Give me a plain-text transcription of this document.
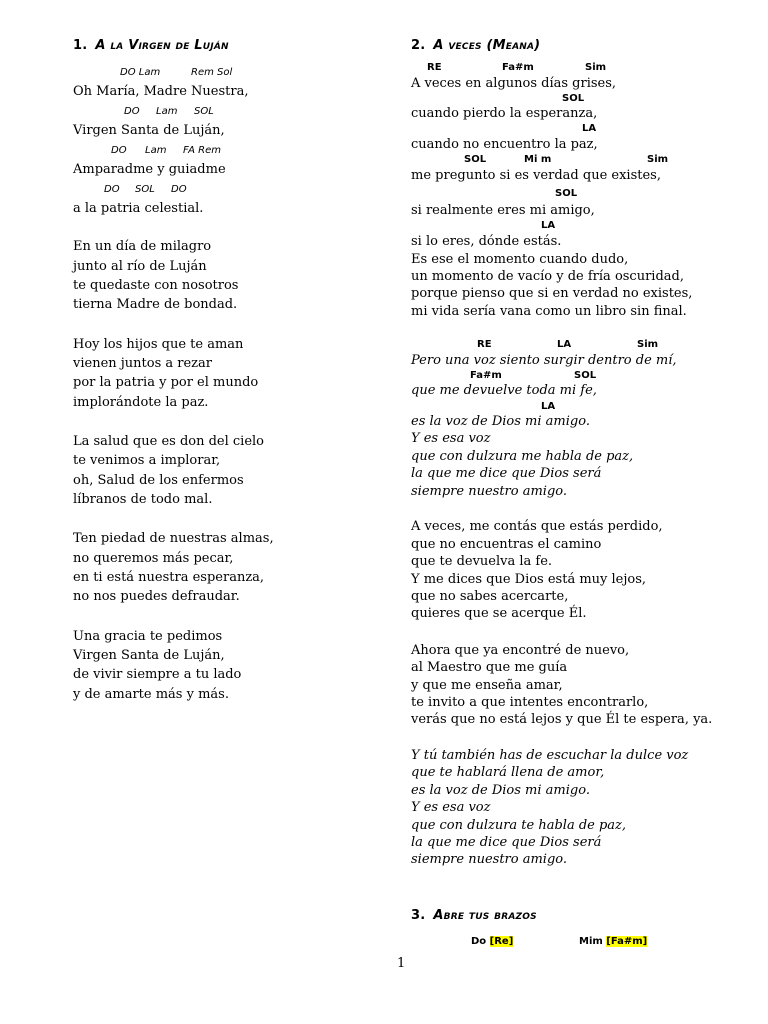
1. A la Virgen de Luján
DO Lam	Rem Sol
DO Lam SOL
DO Lam FA Rem
DO SOL DO
Oh María, Madre Nuestra,
Virgen Santa de Luján,
Amparadme y guiadme
a la patria celestial.
En un día de milagro
junto al río de Luján
te quedaste con nosotros
tierna Madre de bondad.
Hoy los hijos que te aman
vienen juntos a rezar
por la patria y por el mundo
implorándote la paz.
La salud que es don del cielo
te venimos a implorar,
oh, Salud de los enfermos
líbranos de todo mal.
Ten piedad de nuestras almas,
no queremos más pecar,
en ti está nuestra esperanza,
no nos puedes defraudar.
Una gracia te pedimos
Virgen Santa de Luján,
de vivir siempre a tu lado
y de amarte más y más.
2. A veces (Meana)
RE	Fa#m	Sim
A veces en algunos días grises,
SOL
cuando pierdo la esperanza,
LA
cuando no encuentro la paz,
SOL	Mi m	Sim
me pregunto si es verdad que existes,
SOL
si realmente eres mi amigo,
LA
si lo eres, dónde estás.
Es ese el momento cuando dudo,
un momento de vacío y de fría oscuridad,
porque pienso que si en verdad no existes,
mi vida sería vana como un libro sin final.
RE	LA	Sim
Pero una voz siento surgir dentro de mí,
Fa#m	SOL
que me devuelve toda mi fe,
LA
es la voz de Dios mi amigo.
Y es esa voz
que con dulzura me habla de paz,
la que me dice que Dios será
siempre nuestro amigo.
A veces, me contás que estás perdido,
que no encuentras el camino
que te devuelva la fe.
Y me dices que Dios está muy lejos,
que no sabes acercarte,
quieres que se acerque Él.
Ahora que ya encontré de nuevo,
al Maestro que me guía
y que me enseña amar,
te invito a que intentes encontrarlo,
verás que no está lejos y que Él te espera, ya.
Y tú también has de escuchar la dulce voz
que te hablará llena de amor,
es la voz de Dios mi amigo.
Y es esa voz
que con dulzura te habla de paz,
la que me dice que Dios será
siempre nuestro amigo.
3. Abre tus brazos
Do [Re]	Mim [Fa#m]
1
